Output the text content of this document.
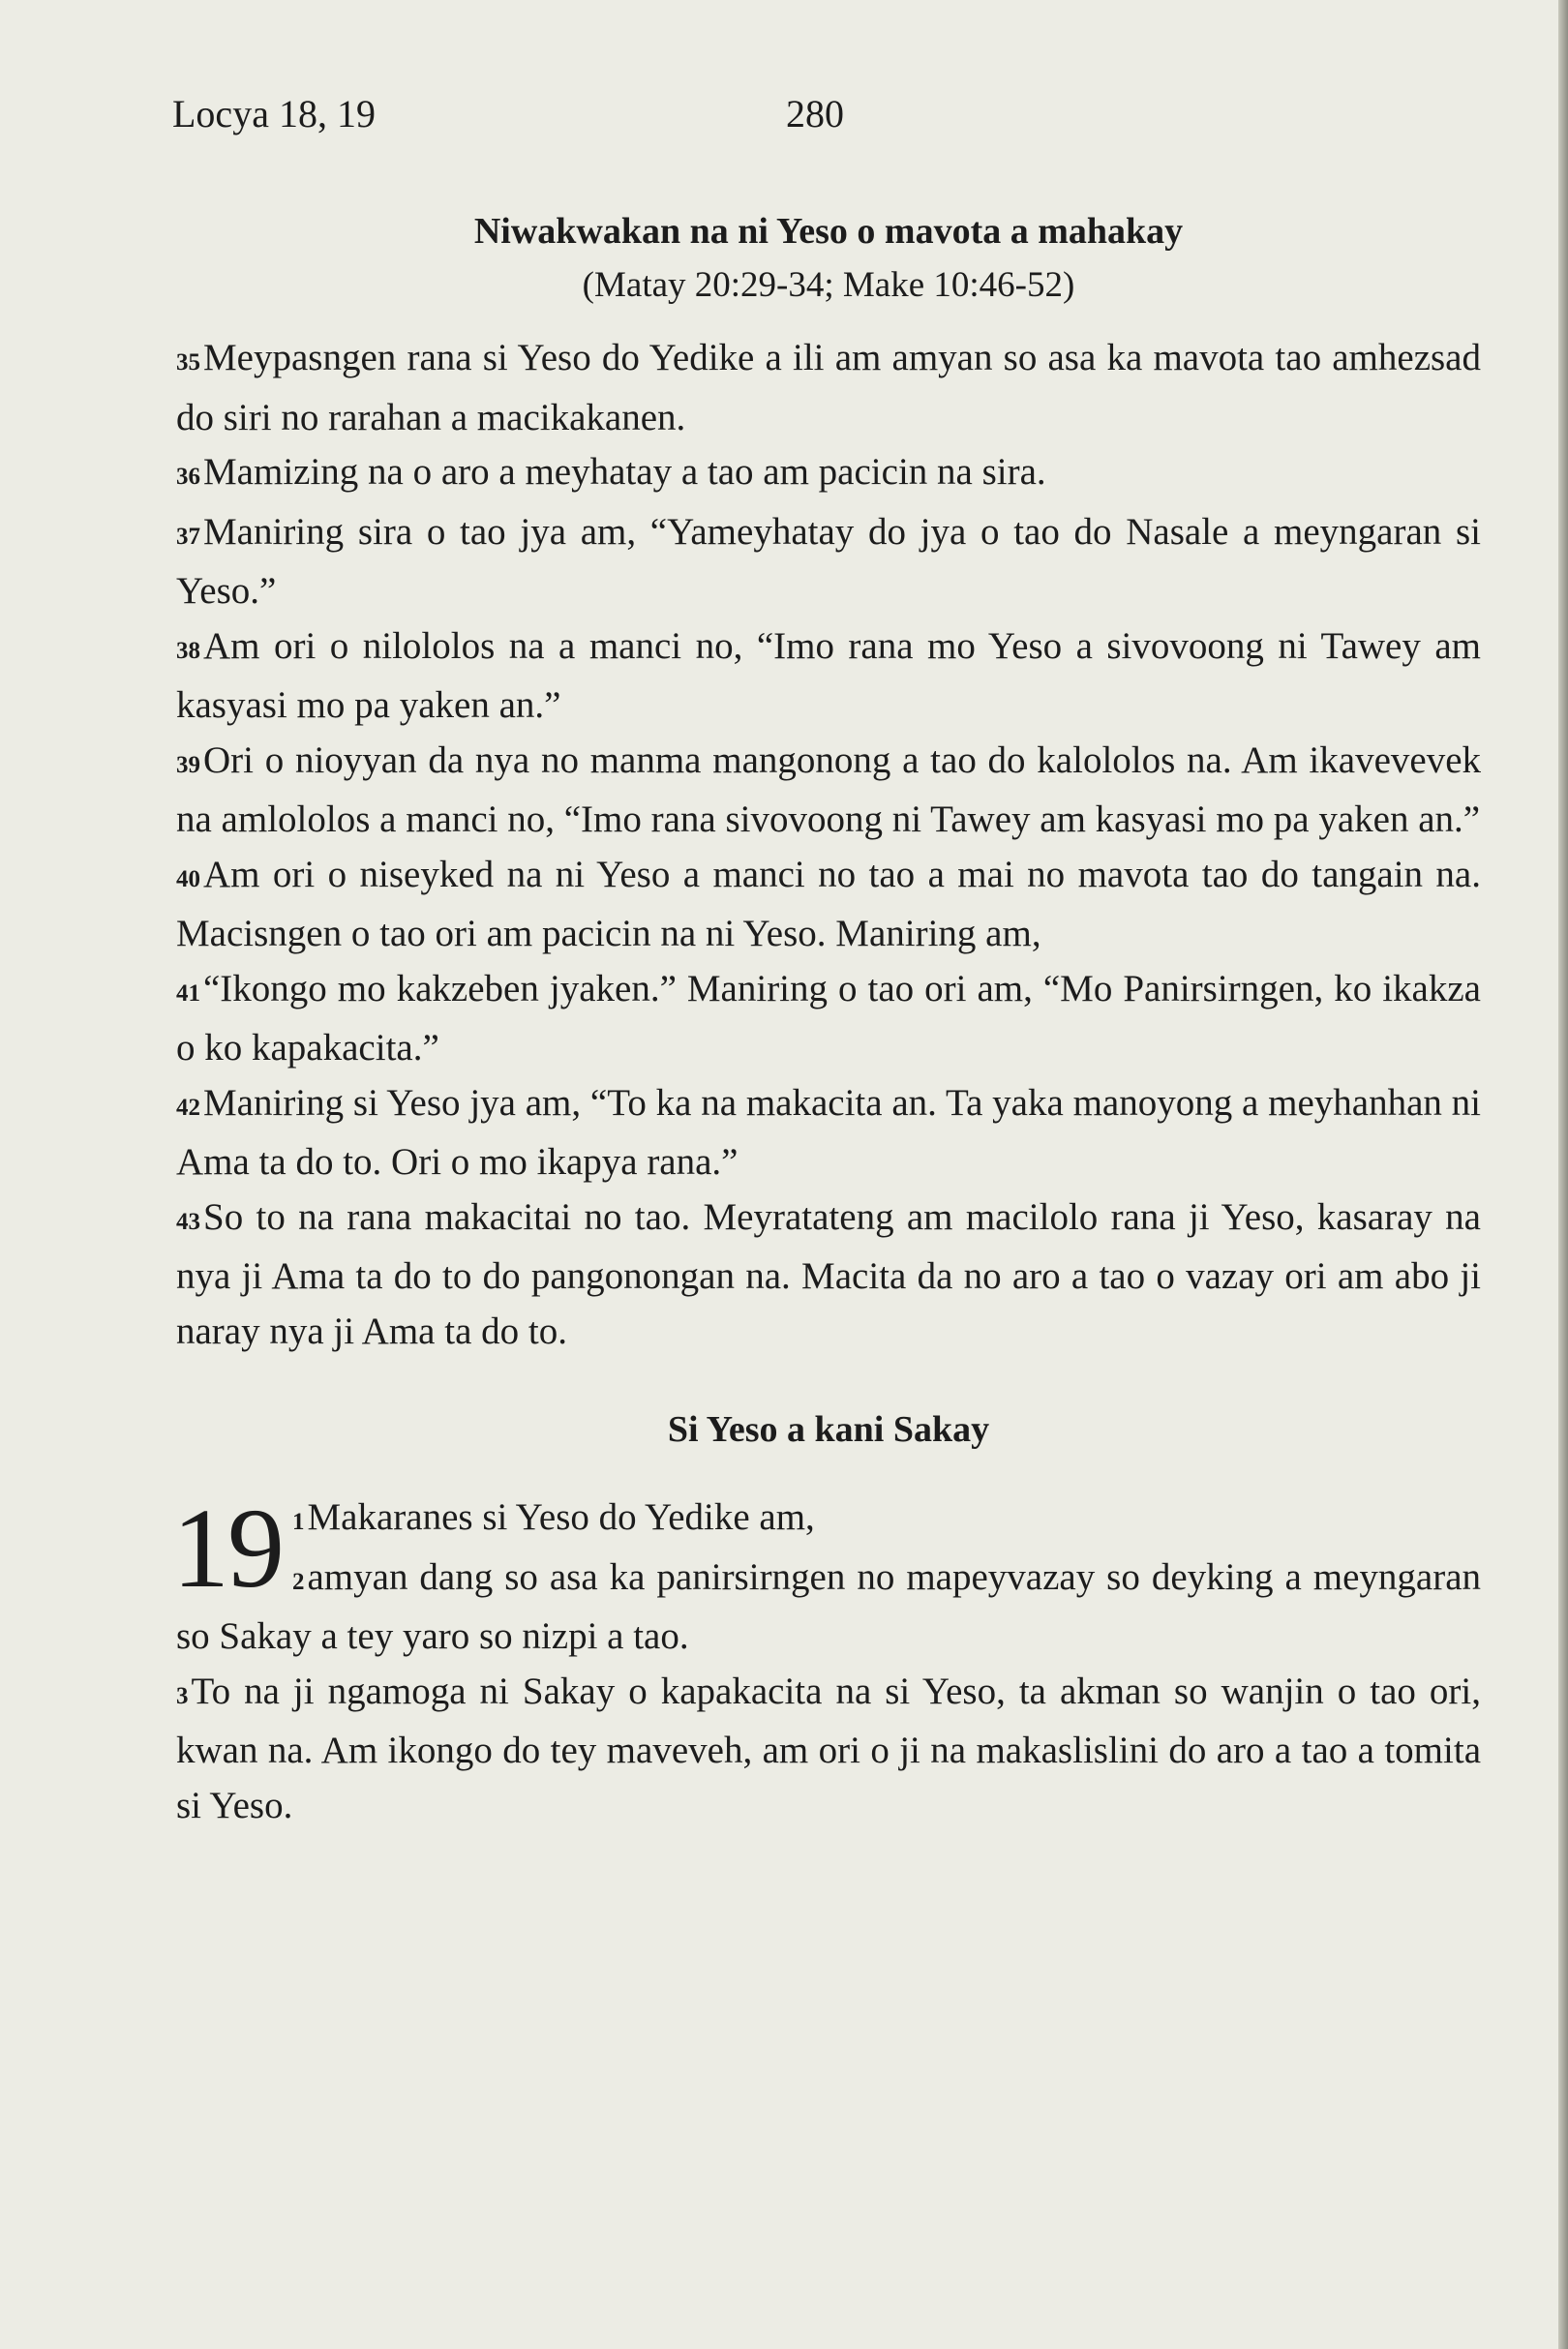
Locya 18, 19	280
Niwakwakan na ni Yeso o mavota a mahakay
(Matay 20:29-34; Make 10:46-52)

35Meypasngen rana si Yeso do Yedike a ili am amyan so asa ka mavota tao amhezsad do siri no rarahan a macikakanen.

36Mamizing na o aro a meyhatay a tao am pacicin na sira.

37Maniring sira o tao jya am, “Yameyhatay do jya o tao do Nasale a meyngaran si Yeso.”

38Am ori o nilololos na a manci no, “Imo rana mo Yeso a sivovoong ni Tawey am kasyasi mo pa yaken an.”

39Ori o nioyyan da nya no manma mangonong a tao do kalololos na. Am ikavevevek na amlololos a manci no, “Imo rana sivovoong ni Tawey am kasyasi mo pa yaken an.”

40Am ori o niseyked na ni Yeso a manci no tao a mai no mavota tao do tangain na. Macisngen o tao ori am pacicin na ni Yeso. Maniring am,

41“Ikongo mo kakzeben jyaken.” Maniring o tao ori am, “Mo Panirsirngen, ko ikakza o ko kapakacita.”

42Maniring si Yeso jya am, “To ka na makacita an. Ta yaka manoyong a meyhanhan ni Ama ta do to. Ori o mo ikapya rana.”

43So to na rana makacitai no tao. Meyratateng am macilolo rana ji Yeso, kasaray na nya ji Ama ta do to do pangonongan na. Macita da no aro a tao o vazay ori am abo ji naray nya ji Ama ta do to.

Si Yeso a kani Sakay
19 1Makaranes si Yeso do Yedike am,

2amyan dang so asa ka panirsirngen no mapeyvazay so deyking a meyngaran so Sakay a tey yaro so nizpi a tao.

3To na ji ngamoga ni Sakay o kapakacita na si Yeso, ta akman so wanjin o tao ori, kwan na. Am ikongo do tey maveveh, am ori o ji na makaslislini do aro a tao a tomita si Yeso.
